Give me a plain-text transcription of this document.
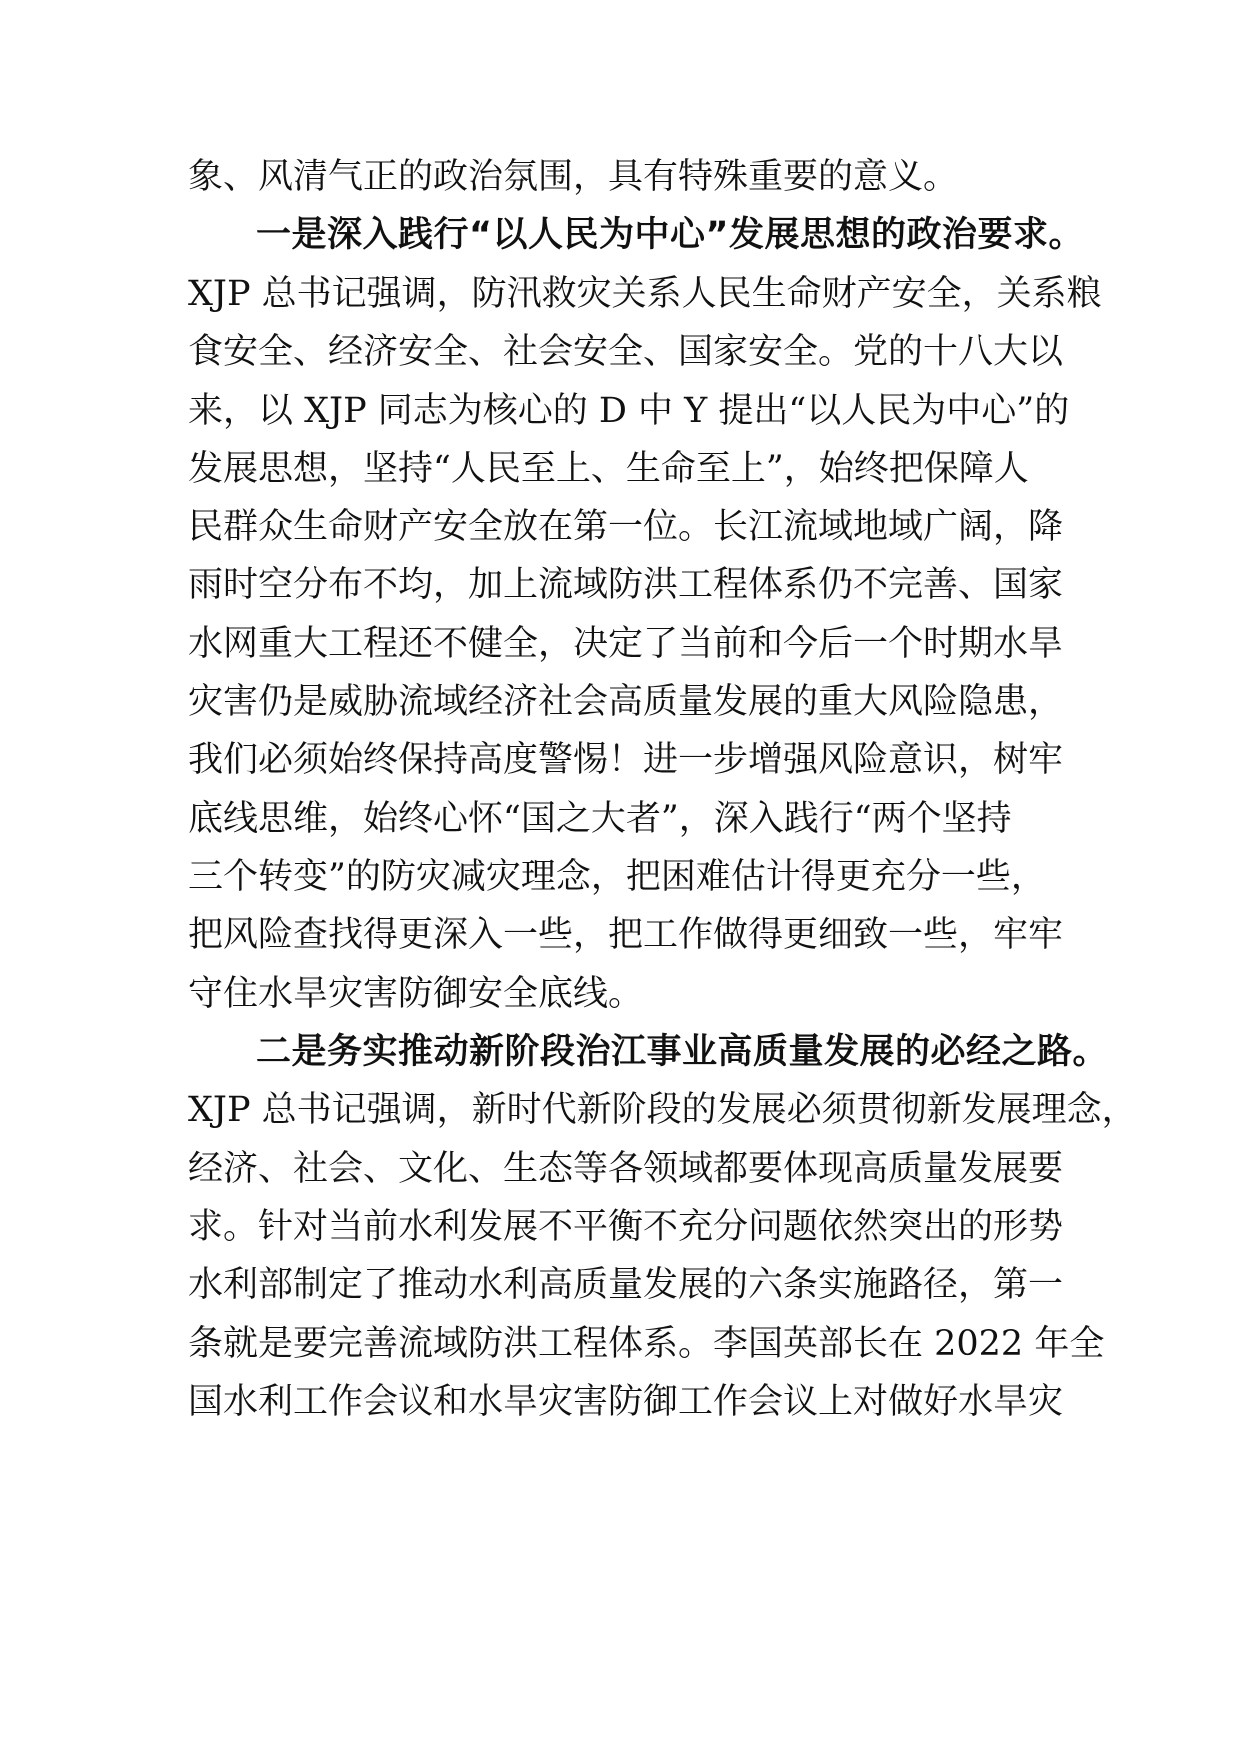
象、风清气正的政治氛围，具有特殊重要的意义。
一是深入践行“以人民为中心”发展思想的政治要求。
XJP 总书记强调，防汛救灾关系人民生命财产安全，关系粮
食安全、经济安全、社会安全、国家安全。党的十八大以
来，以 XJP 同志为核心的 D 中 Y 提出“以人民为中心”的
发展思想，坚持“人民至上、生命至上”，始终把保障人
民群众生命财产安全放在第一位。长江流域地域广阔，降
雨时空分布不均，加上流域防洪工程体系仍不完善、国家
水网重大工程还不健全，决定了当前和今后一个时期水旱
灾害仍是威胁流域经济社会高质量发展的重大风险隐患，
我们必须始终保持高度警惕！进一步增强风险意识，树牢
底线思维，始终心怀“国之大者”，深入践行“两个坚持
三个转变”的防灾减灾理念，把困难估计得更充分一些，
把风险查找得更深入一些，把工作做得更细致一些，牢牢
守住水旱灾害防御安全底线。
二是务实推动新阶段治江事业高质量发展的必经之路。
XJP 总书记强调，新时代新阶段的发展必须贯彻新发展理念，
经济、社会、文化、生态等各领域都要体现高质量发展要
求。针对当前水利发展不平衡不充分问题依然突出的形势
水利部制定了推动水利高质量发展的六条实施路径，第一
条就是要完善流域防洪工程体系。李国英部长在 2022 年全
国水利工作会议和水旱灾害防御工作会议上对做好水旱灾
